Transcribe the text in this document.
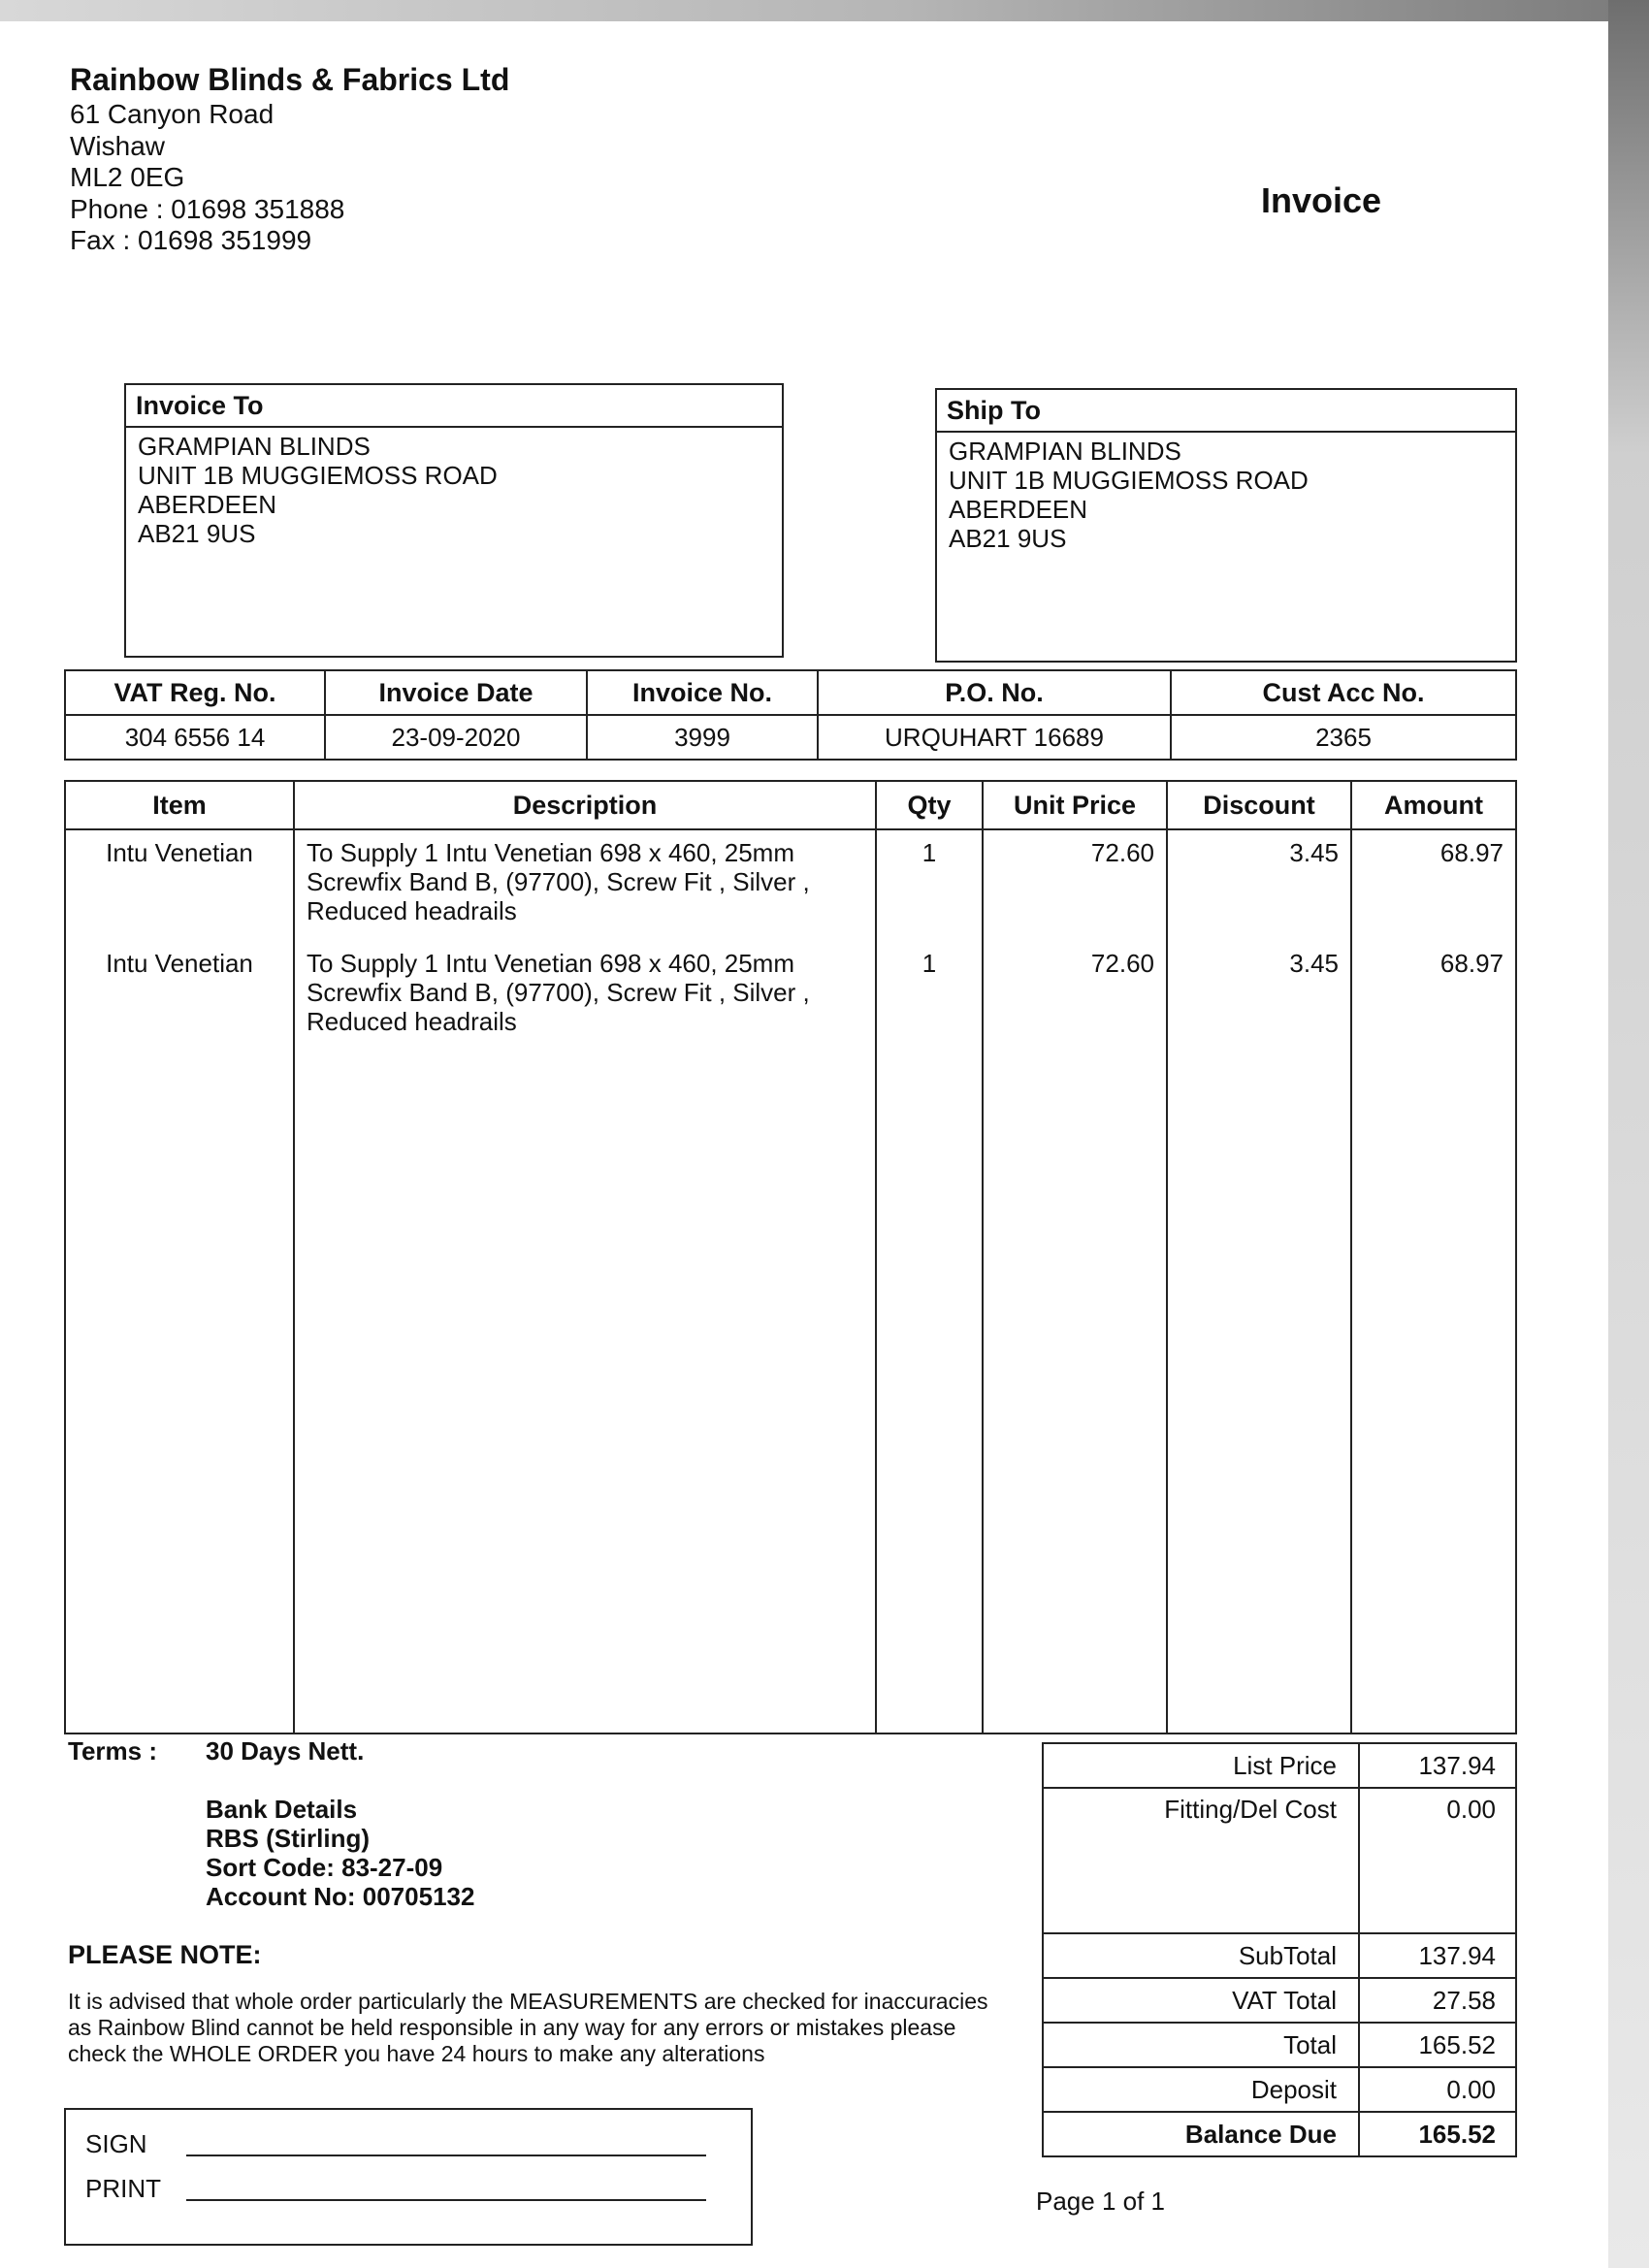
Rainbow Blinds & Fabrics Ltd
61 Canyon Road
Wishaw
ML2 0EG
Phone : 01698 351888
Fax : 01698 351999
Invoice
Invoice To
GRAMPIAN BLINDS
UNIT 1B MUGGIEMOSS ROAD
ABERDEEN
AB21 9US
Ship To
GRAMPIAN BLINDS
UNIT 1B MUGGIEMOSS ROAD
ABERDEEN
AB21 9US
VAT Reg. No.	Invoice Date	Invoice No.	P.O. No.	Cust Acc No.
304 6556 14	23-09-2020	3999	URQUHART 16689	2365
Item	Description	Qty	Unit Price	Discount	Amount
Intu Venetian	To Supply 1 Intu Venetian 698 x 460, 25mm
Screwfix Band B, (97700), Screw Fit , Silver ,
Reduced headrails	1	72.60	3.45	68.97
Intu Venetian	To Supply 1 Intu Venetian 698 x 460, 25mm
Screwfix Band B, (97700), Screw Fit , Silver ,
Reduced headrails	1	72.60	3.45	68.97

Terms : 30 Days Nett.
Bank Details
RBS (Stirling)
Sort Code: 83-27-09
Account No: 00705132
PLEASE NOTE:
It is advised that whole order particularly the MEASUREMENTS are checked for inaccuracies as Rainbow Blind cannot be held responsible in any way for any errors or mistakes please check the WHOLE ORDER you have 24 hours to make any alterations
SIGN
PRINT
List Price	137.94
Fitting/Del Cost	0.00
SubTotal	137.94
VAT Total	27.58
Total	165.52
Deposit	0.00
Balance Due	165.52
Page 1 of 1
